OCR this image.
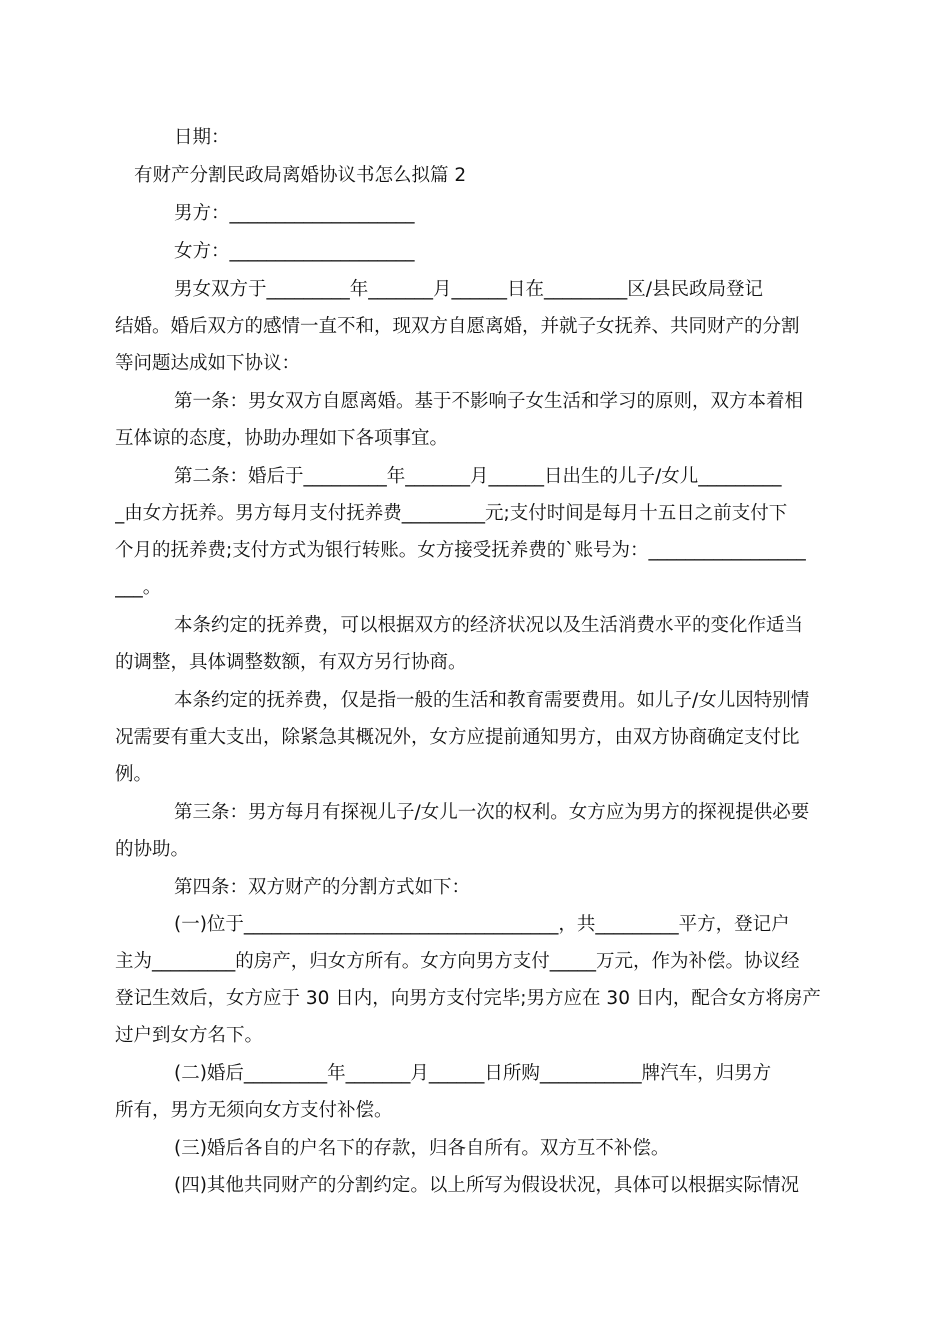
日期：
有财产分割民政局离婚协议书怎么拟篇 2
男方：____________________
女方：____________________
男女双方于_________年_______月______日在_________区/县民政局登记
结婚。婚后双方的感情一直不和，现双方自愿离婚，并就子女抚养、共同财产的分割
等问题达成如下协议：
第一条：男女双方自愿离婚。基于不影响子女生活和学习的原则，双方本着相
互体谅的态度，协助办理如下各项事宜。
第二条：婚后于_________年_______月______日出生的儿子/女儿_________
_由女方抚养。男方每月支付抚养费_________元;支付时间是每月十五日之前支付下
个月的抚养费;支付方式为银行转账。女方接受抚养费的`账号为：_________________
___。
本条约定的抚养费，可以根据双方的经济状况以及生活消费水平的变化作适当
的调整，具体调整数额，有双方另行协商。
本条约定的抚养费，仅是指一般的生活和教育需要费用。如儿子/女儿因特别情
况需要有重大支出，除紧急其概况外，女方应提前通知男方，由双方协商确定支付比
例。
第三条：男方每月有探视儿子/女儿一次的权利。女方应为男方的探视提供必要
的协助。
第四条：双方财产的分割方式如下：
(一)位于__________________________________，共_________平方，登记户
主为_________的房产，归女方所有。女方向男方支付_____万元，作为补偿。协议经
登记生效后，女方应于 30 日内，向男方支付完毕;男方应在 30 日内，配合女方将房产
过户到女方名下。
(二)婚后_________年_______月______日所购___________牌汽车，归男方
所有，男方无须向女方支付补偿。
(三)婚后各自的户名下的存款，归各自所有。双方互不补偿。
(四)其他共同财产的分割约定。以上所写为假设状况，具体可以根据实际情况
